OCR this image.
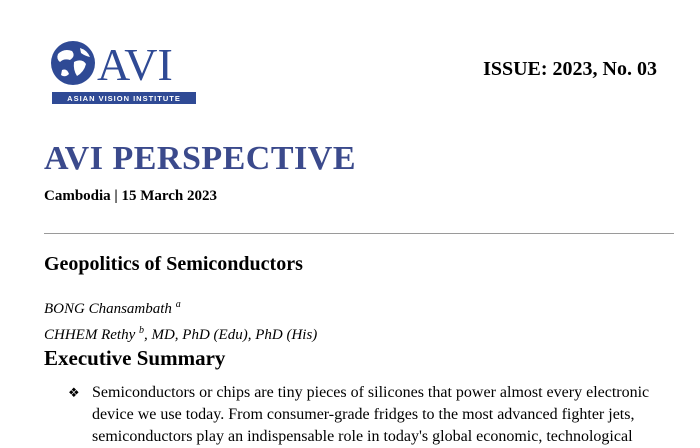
AVI
ASIAN VISION INSTITUTE
ISSUE: 2023, No. 03
AVI PERSPECTIVE
Cambodia | 15 March 2023
Geopolitics of Semiconductors
BONG Chansambath $^a$
CHHEM Rethy $^b$, MD, PhD (Edu), PhD (His)
Executive Summary
❖ Semiconductors or chips are tiny pieces of silicones that power almost every electronic
device we use today. From consumer-grade fridges to the most advanced fighter jets,
semiconductors play an indispensable role in today's global economic, technological
